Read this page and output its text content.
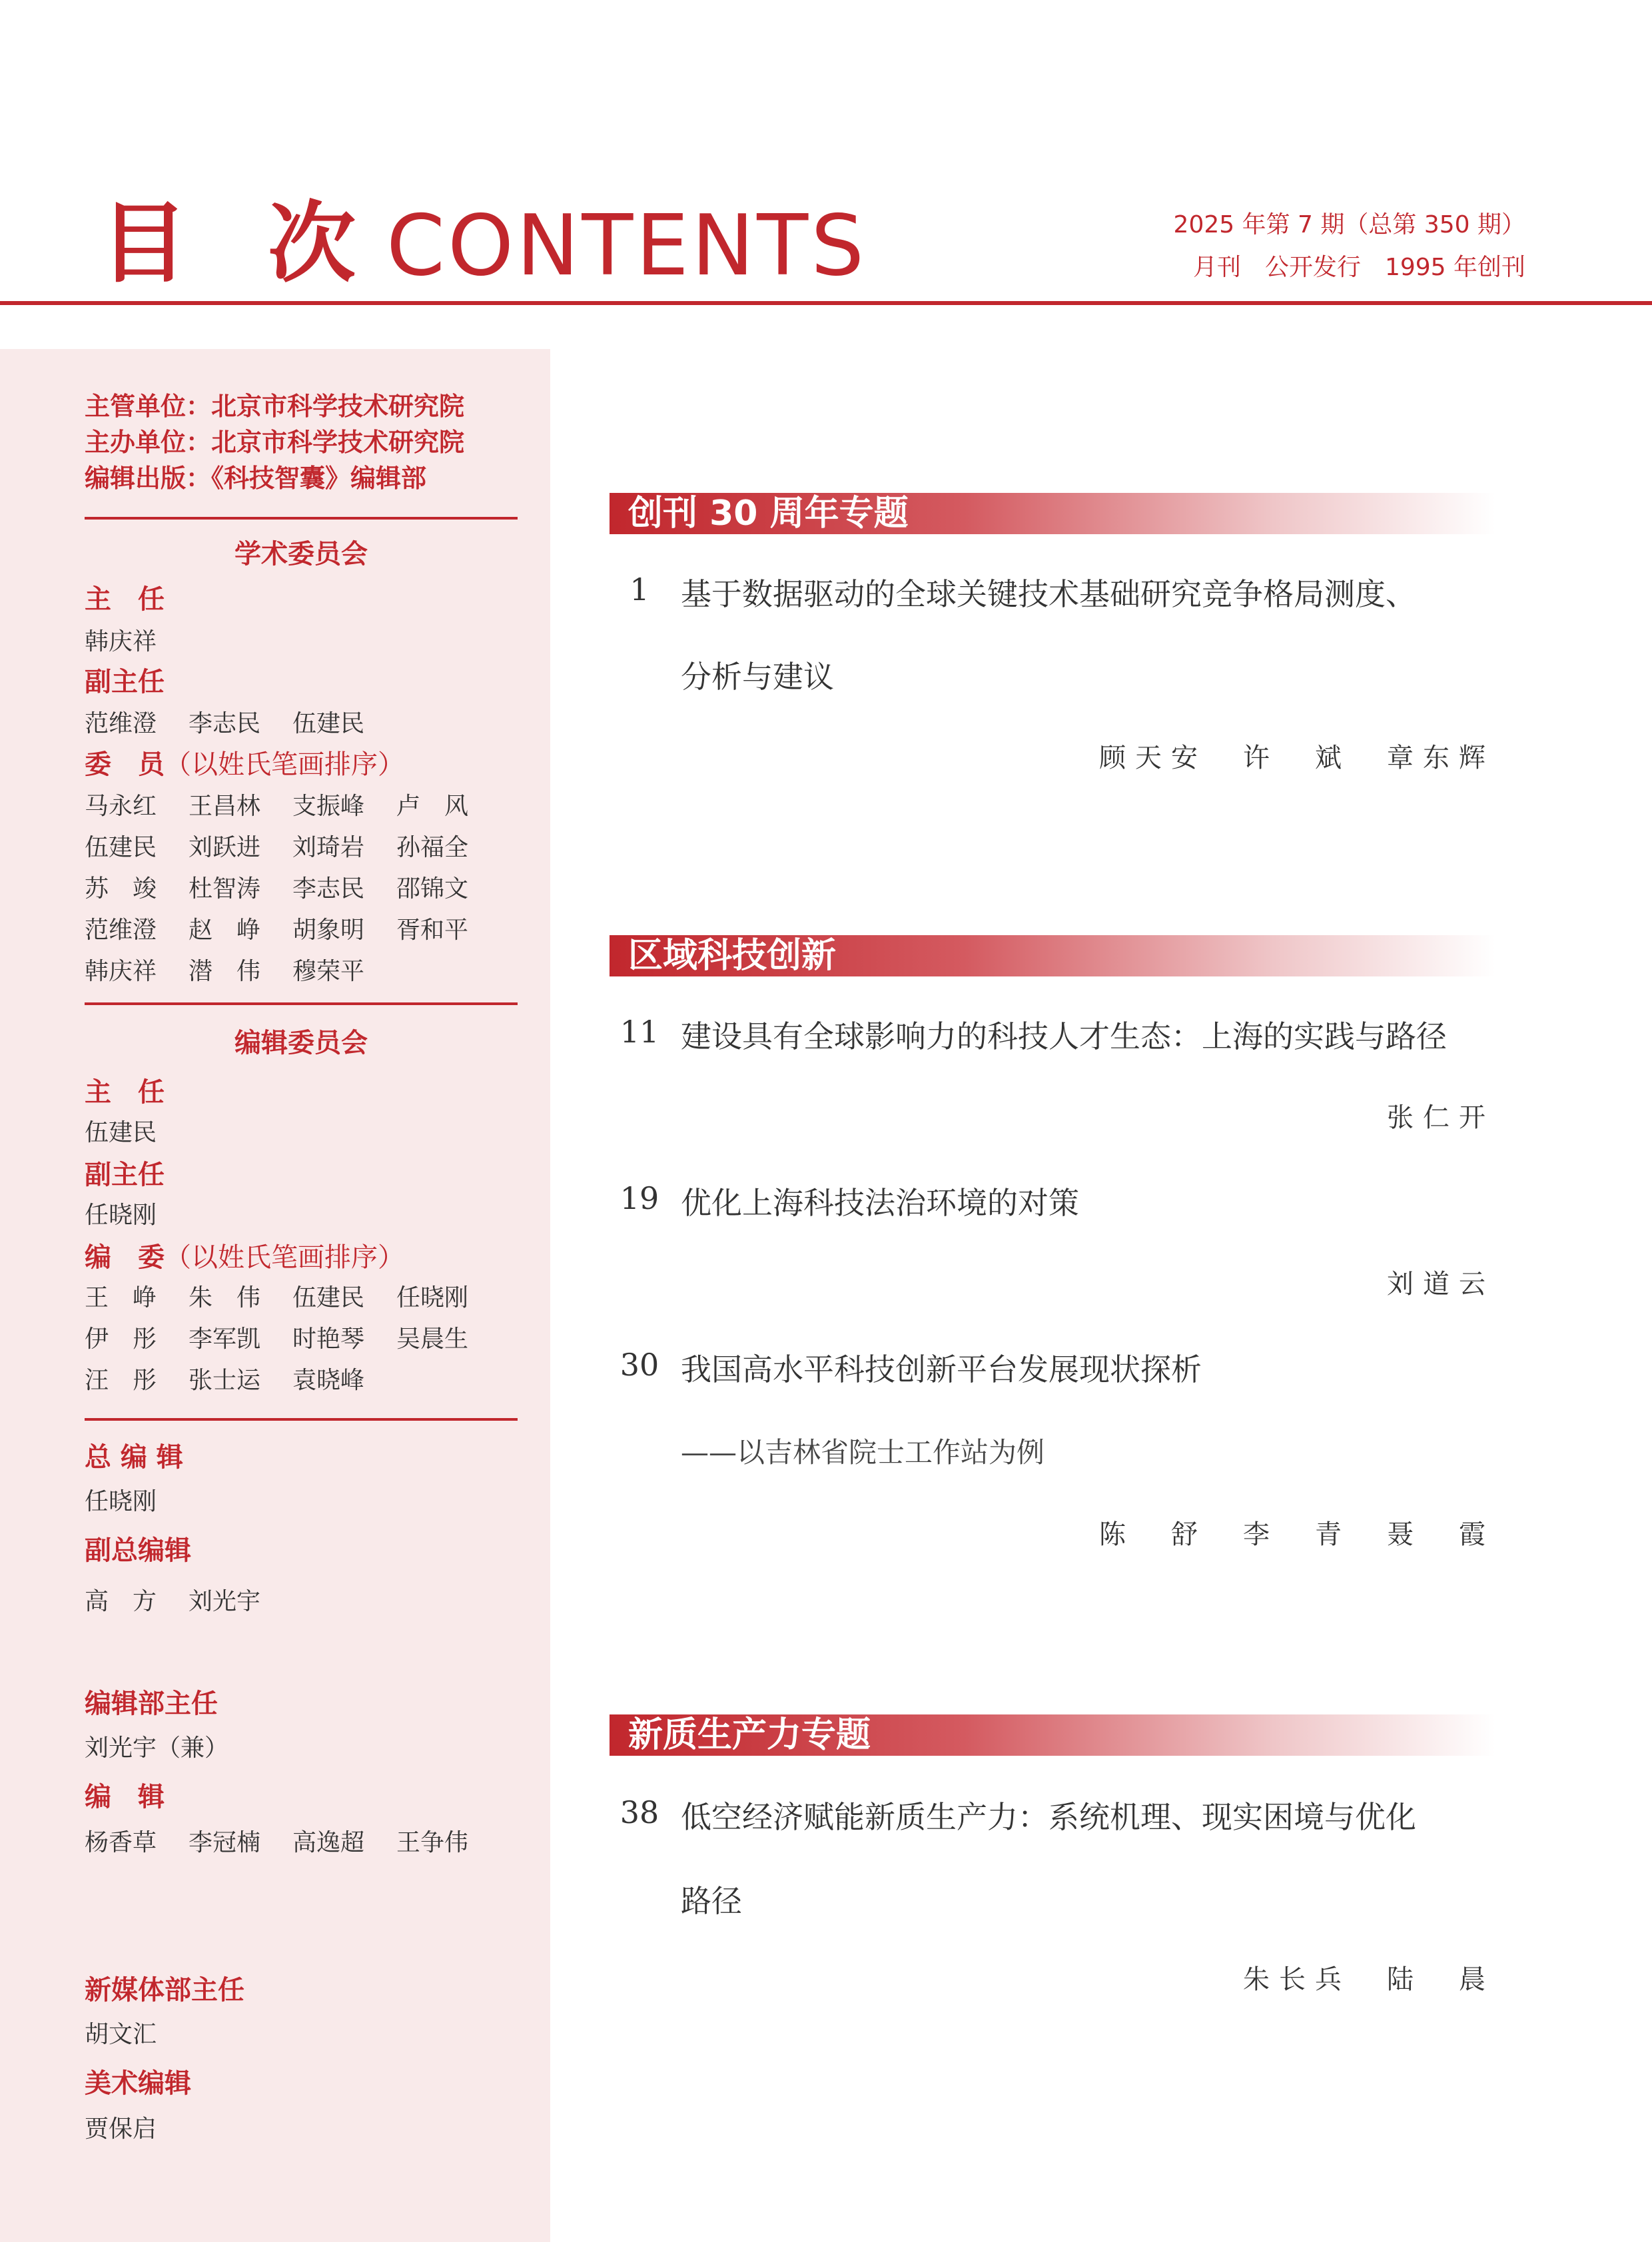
目 次 CONTENTS	2025 年第 7 期（总第 350 期）
月刊　公开发行　1995 年创刊
主管单位：北京市科学技术研究院
主办单位：北京市科学技术研究院
编辑出版：《科技智囊》编辑部
学术委员会
主　任
韩庆祥
副主任
范维澄 李志民 伍建民
委　员（以姓氏笔画排序）
马永红 王昌林 支振峰 卢　风
伍建民 刘跃进 刘琦岩 孙福全
苏　竣 杜智涛 李志民 邵锦文
范维澄 赵　峥 胡象明 胥和平
韩庆祥 潜　伟 穆荣平
编辑委员会
主　任
伍建民
副主任
任晓刚
编　委（以姓氏笔画排序）
王　峥 朱　伟 伍建民 任晓刚
伊　彤 李军凯 时艳琴 吴晨生
汪　彤 张士运 袁晓峰
总 编 辑
任晓刚
副总编辑
高　方 刘光宇
编辑部主任
刘光宇（兼）
编　辑
杨香草 李冠楠 高逸超 王争伟
新媒体部主任
胡文汇
美术编辑
贾保启
创刊 30 周年专题
1	基于数据驱动的全球关键技术基础研究竞争格局测度、
分析与建议
顾天安　许　斌　章东辉
区域科技创新
11 建设具有全球影响力的科技人才生态：上海的实践与路径
张仁开
19 优化上海科技法治环境的对策
刘道云
30 我国高水平科技创新平台发展现状探析
——以吉林省院士工作站为例
陈　舒　李　青　聂　霞
新质生产力专题
38 低空经济赋能新质生产力：系统机理、现实困境与优化
路径
朱长兵　陆　晨
